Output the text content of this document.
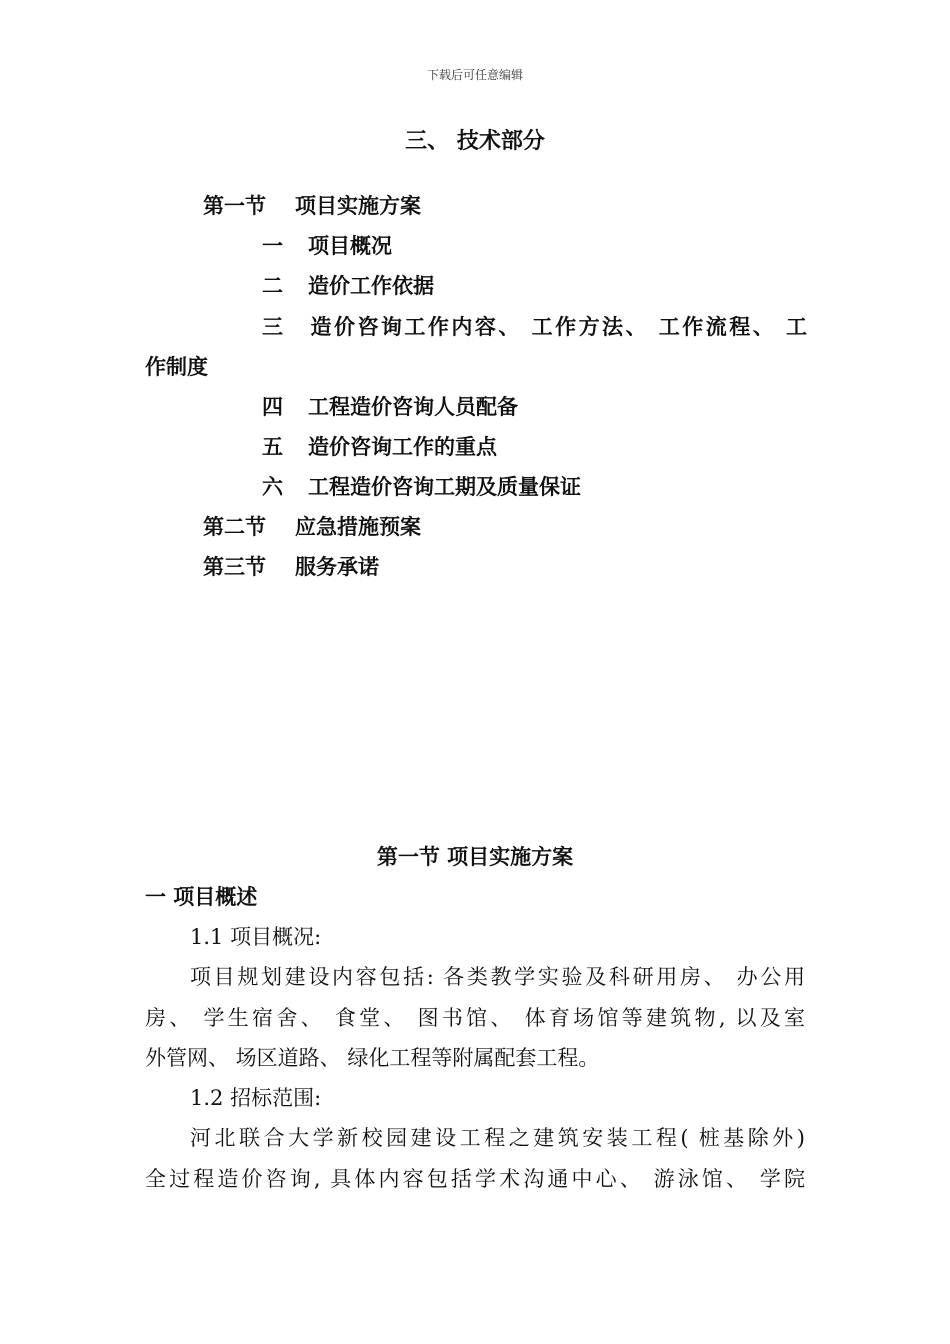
下载后可任意编辑
三、 技术部分
第一节 项目实施方案
一 项目概况
二 造价工作依据
三 造价咨询工作内容、 工作方法、 工作流程、 工
作制度
四 工程造价咨询人员配备
五 造价咨询工作的重点
六 工程造价咨询工期及质量保证
第二节 应急措施预案
第三节 服务承诺
第一节 项目实施方案
一 项目概述
1.1 项目概况:
项目规划建设内容包括: 各类教学实验及科研用房、 办公用
房、 学生宿舍、 食堂、 图书馆、 体育场馆等建筑物, 以及室
外管网、 场区道路、 绿化工程等附属配套工程。
1.2 招标范围:
河北联合大学新校园建设工程之建筑安装工程( 桩基除外)
全过程造价咨询, 具体内容包括学术沟通中心、 游泳馆、 学院
